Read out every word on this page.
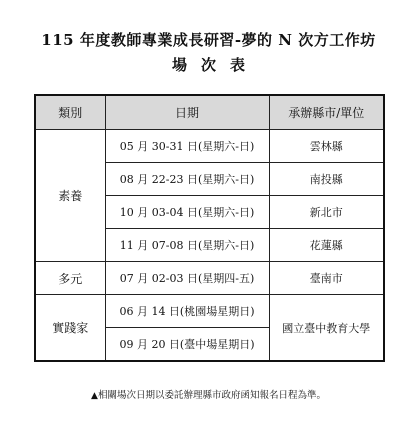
115 年度教師專業成長研習-夢的 N 次方工作坊
場次表
類別	日期	承辦縣市/單位
素養	05 月 30-31 日(星期六-日)	雲林縣
	08 月 22-23 日(星期六-日)	南投縣
	10 月 03-04 日(星期六-日)	新北市
	11 月 07-08 日(星期六-日)	花蓮縣
多元	07 月 02-03 日(星期四-五)	臺南市
實踐家	06 月 14 日(桃園場星期日)	國立臺中教育大學
	09 月 20 日(臺中場星期日)	
▲相關場次日期以委託辦理縣市政府函知報名日程為準。
